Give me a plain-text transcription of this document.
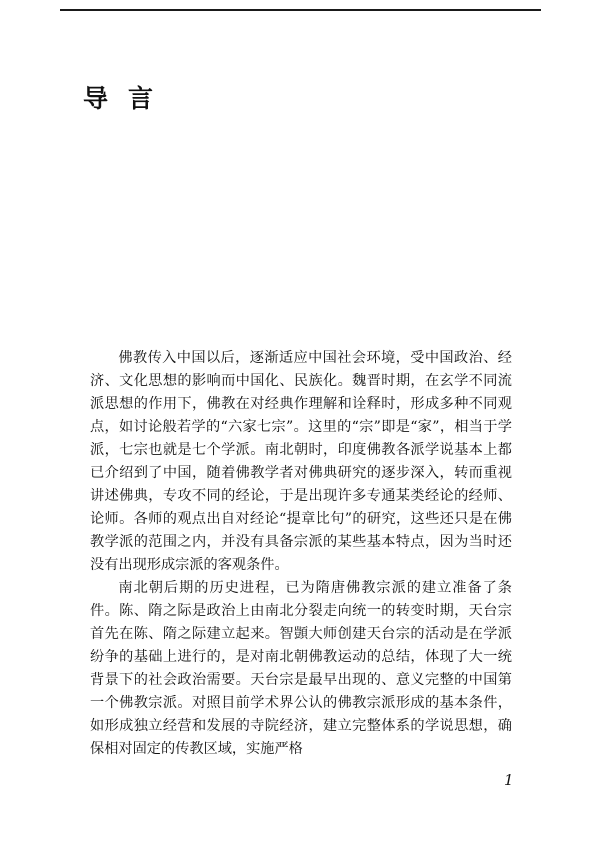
导言

佛教传入中国以后，逐渐适应中国社会环境，受中国政治、经济、文化思想的影响而中国化、民族化。魏晋时期，在玄学不同流派思想的作用下，佛教在对经典作理解和诠释时，形成多种不同观点，如讨论般若学的“六家七宗”。这里的“宗”即是“家”，相当于学派，七宗也就是七个学派。南北朝时，印度佛教各派学说基本上都已介绍到了中国，随着佛教学者对佛典研究的逐步深入，转而重视讲述佛典，专攻不同的经论，于是出现许多专通某类经论的经师、论师。各师的观点出自对经论“提章比句”的研究，这些还只是在佛教学派的范围之内，并没有具备宗派的某些基本特点，因为当时还没有出现形成宗派的客观条件。

南北朝后期的历史进程，已为隋唐佛教宗派的建立准备了条件。陈、隋之际是政治上由南北分裂走向统一的转变时期，天台宗首先在陈、隋之际建立起来。智顗大师创建天台宗的活动是在学派纷争的基础上进行的，是对南北朝佛教运动的总结，体现了大一统背景下的社会政治需要。天台宗是最早出现的、意义完整的中国第一个佛教宗派。对照目前学术界公认的佛教宗派形成的基本条件，如形成独立经营和发展的寺院经济，建立完整体系的学说思想，确保相对固定的传教区域，实施严格

1
